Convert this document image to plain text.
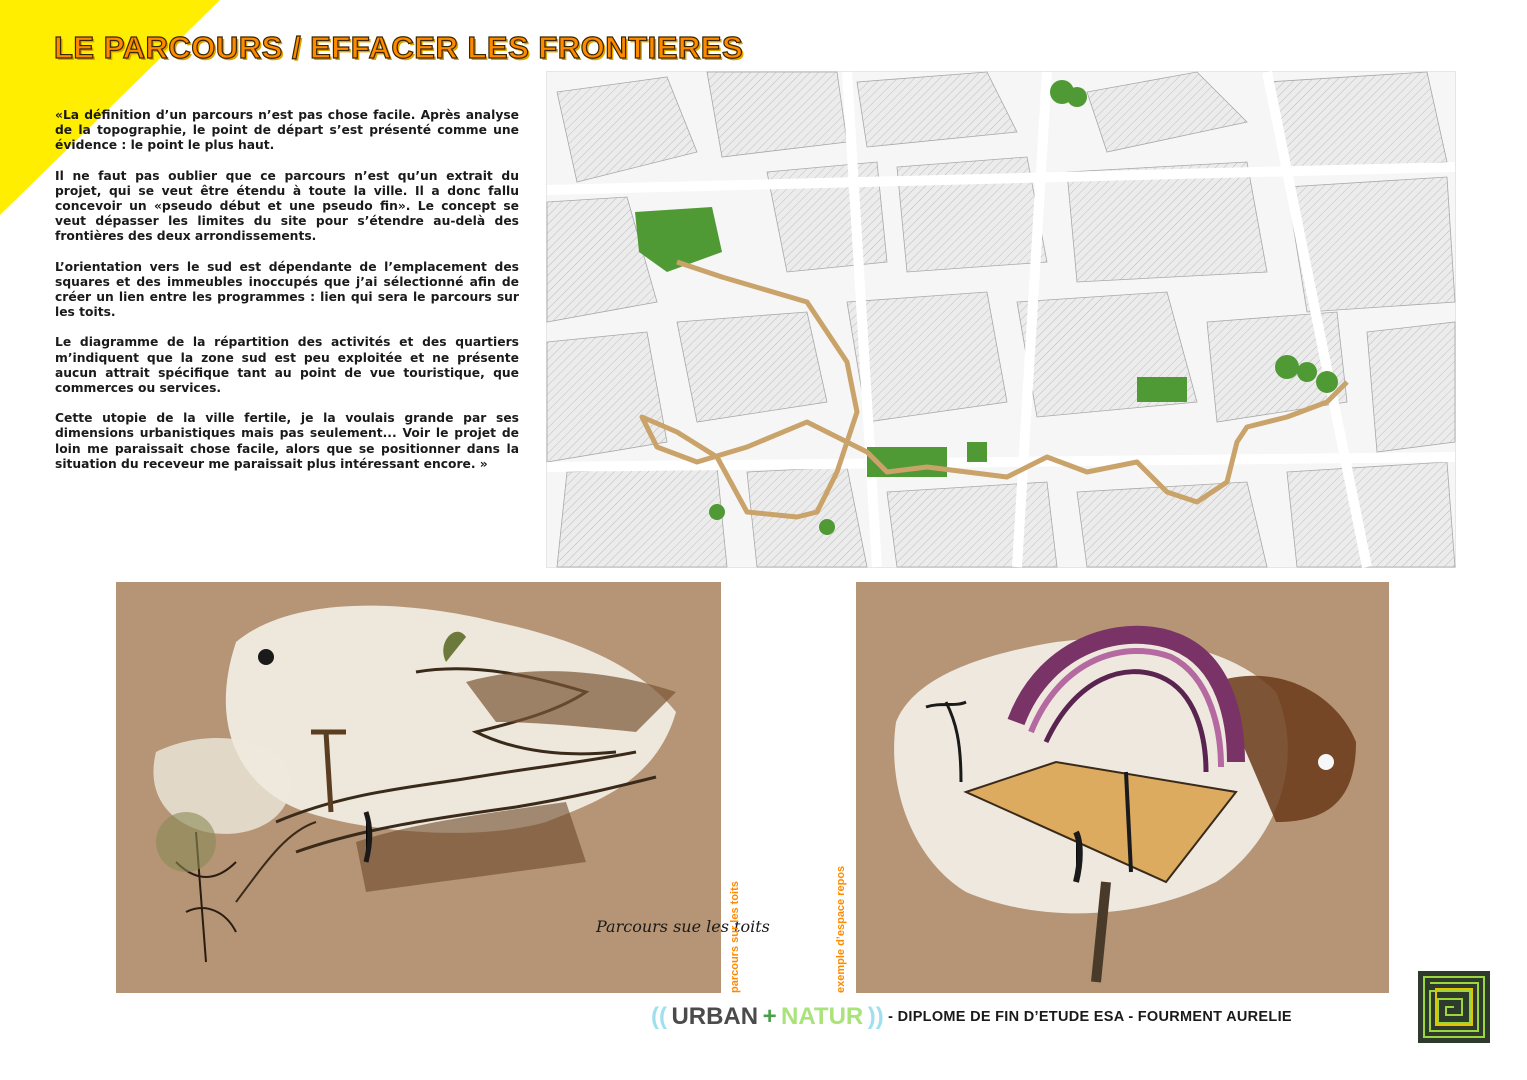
LE PARCOURS / EFFACER LES FRONTIERES

«La définition d’un parcours n’est pas chose facile. Après analyse de la topographie, le point de départ s’est présenté comme une évidence : le point le plus haut.

Il ne faut pas oublier que ce parcours n’est qu’un extrait du projet, qui se veut être étendu à toute la ville. Il a donc fallu concevoir un «pseudo début et une pseudo fin». Le concept se veut dépasser les limites du site pour s’étendre au-delà des frontières des deux arrondissements.

L’orientation vers le sud est dépendante de l’emplacement des squares et des immeubles inoccupés que j’ai sélectionné afin de créer un lien entre les programmes : lien qui sera le parcours sur les toits.

Le diagramme de la répartition des activités et des quartiers m’indiquent que la zone sud est peu exploitée et ne présente aucun attrait spécifique tant au point de vue touristique, que commerces ou services.

Cette utopie de la ville fertile, je la voulais grande par ses dimensions urbanistiques mais pas seulement... Voir le projet de loin me paraissait chose facile, alors que se positionner dans la situation du receveur me paraissait plus intéressant encore. »

Parcours sue les toits
parcours sur les toits	exemple d’espace repos
(( URBAN + NATUR )) - DIPLOME DE FIN D’ETUDE ESA - FOURMENT AURELIE
